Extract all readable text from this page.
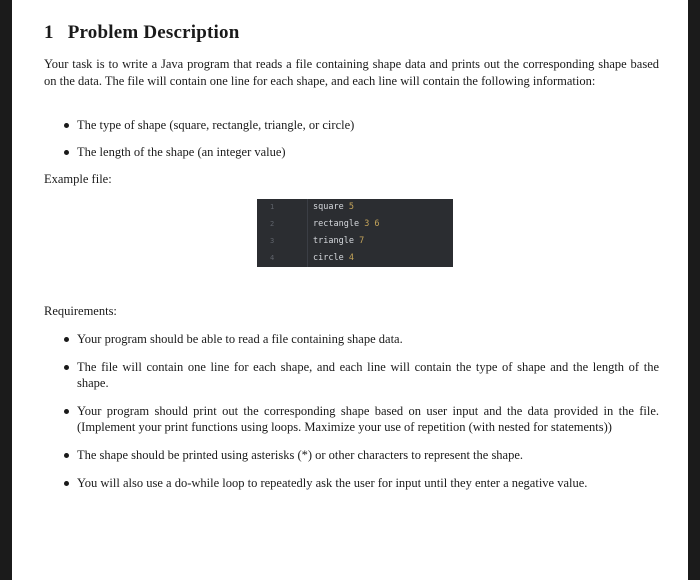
1 Problem Description
Your task is to write a Java program that reads a file containing shape data and prints out the corresponding shape based on the data. The file will contain one line for each shape, and each line will contain the following information:
The type of shape (square, rectangle, triangle, or circle)
The length of the shape (an integer value)
Example file:
1
2
3
4
square 5
rectangle 3 6
triangle 7
circle 4
Requirements:
Your program should be able to read a file containing shape data.
The file will contain one line for each shape, and each line will contain the type of shape and the length of the shape.
Your program should print out the corresponding shape based on user input and the data provided in the file. (Implement your print functions using loops. Maximize your use of repetition (with nested for statements))
The shape should be printed using asterisks (*) or other characters to represent the shape.
You will also use a do-while loop to repeatedly ask the user for input until they enter a negative value.
